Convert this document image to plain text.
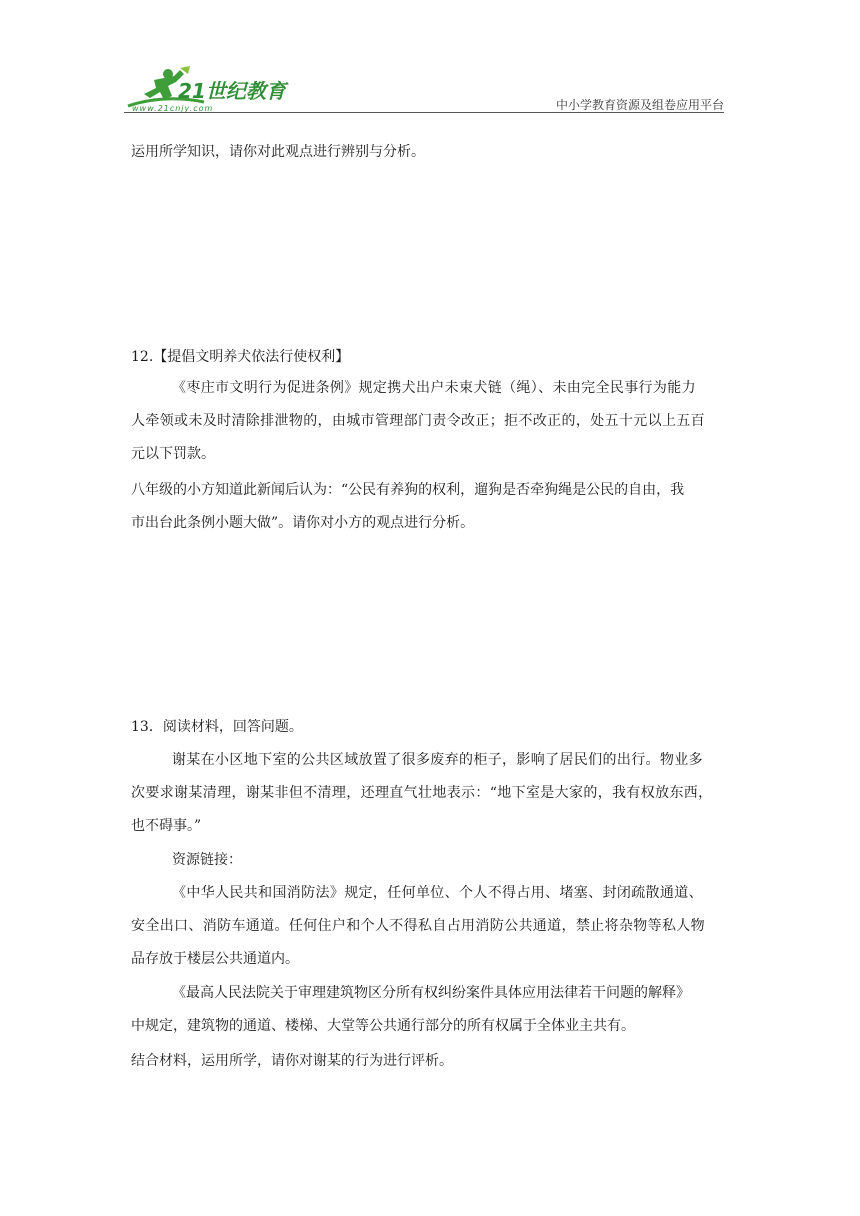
21世纪教育
www.21cnjy.com	中小学教育资源及组卷应用平台
运用所学知识，请你对此观点进行辨别与分析。
12.【提倡文明养犬依法行使权利】
《枣庄市文明行为促进条例》规定携犬出户未束犬链（绳）、未由完全民事行为能力
人牵领或未及时清除排泄物的，由城市管理部门责令改正；拒不改正的，处五十元以上五百
元以下罚款。
八年级的小方知道此新闻后认为：“公民有养狗的权利，遛狗是否牵狗绳是公民的自由，我
市出台此条例小题大做”。请你对小方的观点进行分析。
13．阅读材料，回答问题。
谢某在小区地下室的公共区域放置了很多废弃的柜子，影响了居民们的出行。物业多
次要求谢某清理，谢某非但不清理，还理直气壮地表示：“地下室是大家的，我有权放东西，
也不碍事。”
资源链接：
《中华人民共和国消防法》规定，任何单位、个人不得占用、堵塞、封闭疏散通道、
安全出口、消防车通道。任何住户和个人不得私自占用消防公共通道，禁止将杂物等私人物
品存放于楼层公共通道内。
《最高人民法院关于审理建筑物区分所有权纠纷案件具体应用法律若干问题的解释》
中规定，建筑物的通道、楼梯、大堂等公共通行部分的所有权属于全体业主共有。
结合材料，运用所学，请你对谢某的行为进行评析。
